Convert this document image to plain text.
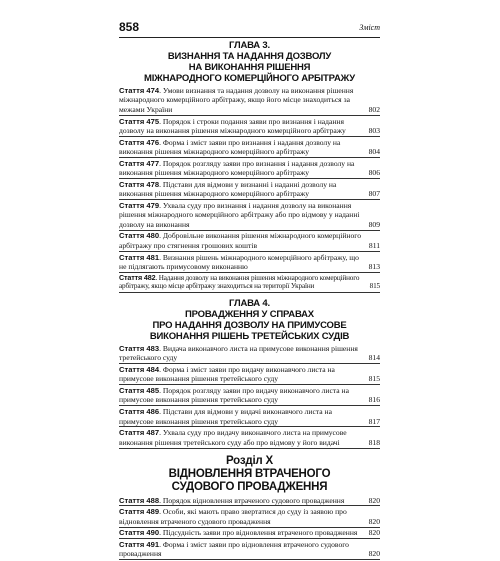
858	Зміст
ГЛАВА 3.
ВИЗНАННЯ ТА НАДАННЯ ДОЗВОЛУ
НА ВИКОНАННЯ РІШЕННЯ
МІЖНАРОДНОГО КОМЕРЦІЙНОГО АРБІТРАЖУ
Стаття 474. Умови визнання та надання дозволу на виконання рішення міжнародного комерційного арбітражу, якщо його місце знаходиться за межами України	802
Стаття 475. Порядок і строки подання заяви про визнання і надання дозволу на виконання рішення міжнародного комерційного арбітражу	803
Стаття 476. Форма і зміст заяви про визнання і надання дозволу на виконання рішення міжнародного комерційного арбітражу	804
Стаття 477. Порядок розгляду заяви про визнання і надання дозволу на виконання рішення міжнародного комерційного арбітражу	806
Стаття 478. Підстави для відмови у визнанні і наданні дозволу на виконання рішення міжнародного комерційного арбітражу	807
Стаття 479. Ухвала суду про визнання і надання дозволу на виконання рішення міжнародного комерційного арбітражу або про відмову у наданні дозволу на виконання	809
Стаття 480. Добровільне виконання рішення міжнародного комерційного арбітражу про стягнення грошових коштів	811
Стаття 481. Визнання рішень міжнародного комерційного арбітражу, що не підлягають примусовому виконанню	813
Стаття 482. Надання дозволу на виконання рішення міжнародного комерційного арбітражу, якщо місце арбітражу знаходиться на території України	815
ГЛАВА 4.
ПРОВАДЖЕННЯ У СПРАВАХ
ПРО НАДАННЯ ДОЗВОЛУ НА ПРИМУСОВЕ
ВИКОНАННЯ РІШЕНЬ ТРЕТЕЙСЬКИХ СУДІВ
Стаття 483. Видача виконавчого листа на примусове виконання рішення третейського суду	814
Стаття 484. Форма і зміст заяви про видачу виконавчого листа на примусове виконання рішення третейського суду	815
Стаття 485. Порядок розгляду заяви про видачу виконавчого листа на примусове виконання рішення третейського суду	816
Стаття 486. Підстави для відмови у видачі виконавчого листа на примусове виконання рішення третейського суду	817
Стаття 487. Ухвала суду про видачу виконавчого листа на примусове виконання рішення третейського суду або про відмову у його видачі	818
Розділ X
ВІДНОВЛЕННЯ ВТРАЧЕНОГО
СУДОВОГО ПРОВАДЖЕННЯ
Стаття 488. Порядок відновлення втраченого судового провадження	820
Стаття 489. Особи, які мають право звертатися до суду із заявою про відновлення втраченого судового провадження	820
Стаття 490. Підсудність заяви про відновлення втраченого провадження	820
Стаття 491. Форма і зміст заяви про відновлення втраченого судового провадження	820
